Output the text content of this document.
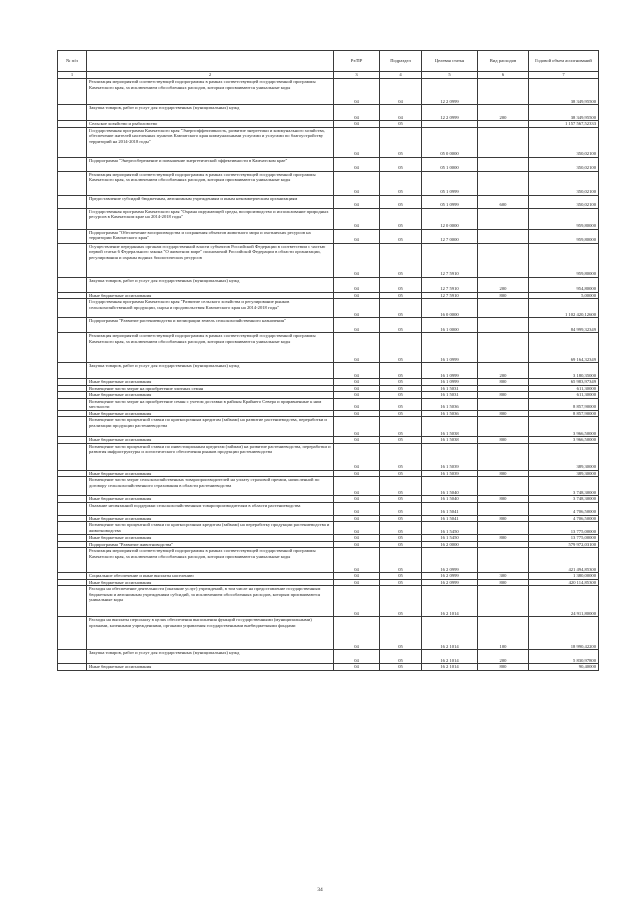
№ п/п		Рз/ПР	Подраздел	Целевая статья	Вид расходов	Годовой объем ассигнований
1	2	3	4	5	6	7
	Реализация мероприятий соответствующей подпрограммы в рамках соответствующей государственной программы Камчатского края, за исключением обособленных расходов, которым присваиваются уникальные коды	04	04	12 2 0999		38 349,95500
	Закупка товаров, работ и услуг для государственных (муниципальных) нужд	04	04	12 2 0999	200	38 349,95500
	Сельское хозяйство и рыболовство	04	05			1 157 567,52333
	Государственная программа Камчатского края "Энергоэффективность, развитие энергетики и коммунального хозяйства, обеспечение жителей населенных пунктов Камчатского края коммунальными услугами и услугами по благоустройству территорий на 2014-2018 годы"	04	05	05 0 0000		350,02100
	Подпрограмма "Энергосбережение и повышение энергетической эффективности в Камчатском крае"	04	05	05 1 0000		350,02100
	Реализация мероприятий соответствующей подпрограммы в рамках соответствующей государственной программы Камчатского края, за исключением обособленных расходов, которым присваиваются уникальные коды	04	05	05 1 0999		350,02100
	Предоставление субсидий бюджетным, автономным учреждениям и иным некоммерческим организациям	04	05	05 1 0999	600	350,02100
	Государственная программа Камчатского края "Охрана окружающей среды, воспроизводство и использование природных ресурсов в Камчатском крае на 2014-2018 годы"	04	05	12 0 0000		959,80000
	Подпрограмма "Обеспечение воспроизводства и сохранения объектов животного мира и охотничьих ресурсов на территории Камчатского края"	04	05	12 7 0000		959,80000
	Осуществление переданных органам государственной власти субъектов Российской Федерации в соответствии с частью первой статьи 6 Федерального закона "О животном мире" полномочий Российской Федерации в области организации, регулирования и охраны водных биологических ресурсов	04	05	12 7 5910		959,80000
	Закупка товаров, работ и услуг для государственных (муниципальных) нужд	04	05	12 7 5910	200	954,80000
	Иные бюджетные ассигнования	04	05	12 7 5910	800	5,00000
	Государственная программа Камчатского края "Развитие сельского хозяйства и регулирование рынков сельскохозяйственной продукции, сырья и продовольствия Камчатского края на 2014-2018 годы"	04	05	16 0 0000		1 102 420,12600
	Подпрограмма "Развитие растениеводства и мелиорации земель сельскохозяйственного назначения"	04	05	16 1 0000		84 999,32349
	Реализация мероприятий соответствующей подпрограммы в рамках соответствующей государственной программы Камчатского края, за исключением обособленных расходов, которым присваиваются уникальные коды	04	05	16 1 0999		69 164,32349
	Закупка товаров, работ и услуг для государственных (муниципальных) нужд	04	05	16 1 0999	200	3 180,35000
	Иные бюджетные ассигнования	04	05	16 1 0999	800	65 983,97349
	Возмещение части затрат на приобретение элитных семян	04	05	16 1 5031		611,30000
	Иные бюджетные ассигнования	04	05	16 1 5031	800	611,30000
	Возмещение части затрат на приобретение семян с учетом доставки в районы Крайнего Севера и приравненные к ним местности	04	05	16 1 5036		8 857,90000
	Иные бюджетные ассигнования	04	05	16 1 5036	800	8 857,90000
	Возмещение части процентной ставки по краткосрочным кредитам (займам) на развитие растениеводства, переработки и реализации продукции растениеводства	04	05	16 1 5038		3 966,50000
	Иные бюджетные ассигнования	04	05	16 1 5038	800	3 966,50000
	Возмещение части процентной ставки по инвестиционным кредитам (займам) на развитие растениеводства, переработки и развития инфраструктуры и логистического обеспечения рынков продукции растениеводства	04	05	16 1 5039		389,30000
	Иные бюджетные ассигнования	04	05	16 1 5039	800	389,30000
	Возмещение части затрат сельскохозяйственных товаропроизводителей на уплату страховой премии, начисленной по договору сельскохозяйственного страхования в области растениеводства	04	05	16 1 5040		3 748,30000
	Иные бюджетные ассигнования	04	05	16 1 5040	800	3 748,30000
	Оказание несвязанной поддержки сельскохозяйственным товаропроизводителям в области растениеводства	04	05	16 1 5041		4 706,50000
	Иные бюджетные ассигнования	04	05	16 1 5041	800	4 706,50000
	Возмещение части процентной ставки по краткосрочным кредитам (займам) на переработку продукции растениеводства и животноводства	04	05	16 1 5450		13 775,00000
	Иные бюджетные ассигнования	04	05	16 1 5450	800	13 775,00000
	Подпрограмма "Развитие животноводства"	04	05	16 2 0000		579 972,03100
	Реализация мероприятий соответствующей подпрограммы в рамках соответствующей государственной программы Камчатского края, за исключением обособленных расходов, которым присваиваются уникальные коды	04	05	16 2 0999		421 494,85300
	Социальное обеспечение и иные выплаты населению	04	05	16 2 0999	300	1 380,00000
	Иные бюджетные ассигнования	04	05	16 2 0999	800	420 114,85300
	Расходы на обеспечение деятельности (оказание услуг) учреждений, в том числе на предоставление государственным бюджетным и автономным учреждениям субсидий, за исключением обособленных расходов, которым присваиваются уникальные коды	04	05	16 2 1014		24 911,80000
	Расходы на выплаты персоналу в целях обеспечения выполнения функций государственными (муниципальными) органами, казенными учреждениями, органами управления государственными внебюджетными фондами	04	05	16 2 1014	100	18 990,42200
	Закупка товаров, работ и услуг для государственных (муниципальных) нужд	04	05	16 2 1014	200	5 830,97800
	Иные бюджетные ассигнования	04	05	16 2 1014	800	90,40000
34
